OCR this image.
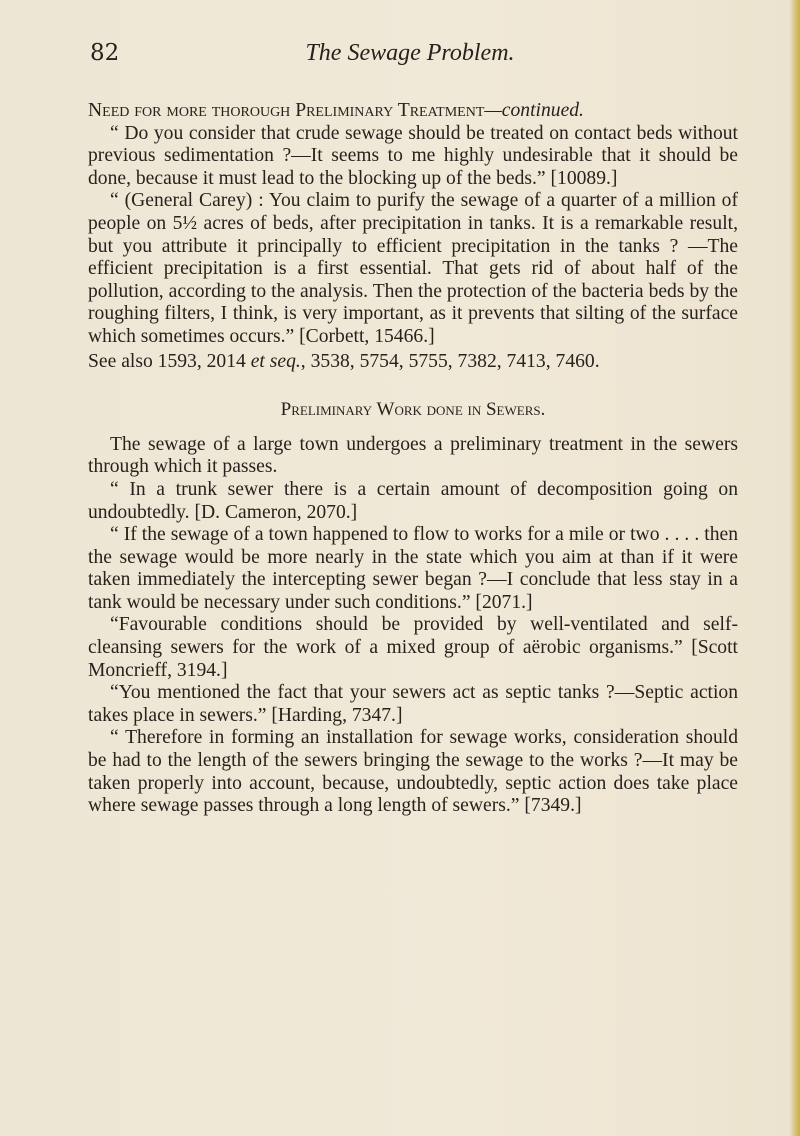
82	The Sewage Problem.

Need for more thorough Preliminary Treatment—continued.

“ Do you consider that crude sewage should be treated on contact beds without previous sedimentation ?—It seems to me highly undesirable that it should be done, because it must lead to the blocking up of the beds.” [10089.]

“ (General Carey) : You claim to purify the sewage of a quarter of a million of people on 5½ acres of beds, after precipitation in tanks. It is a remarkable result, but you attribute it principally to efficient precipitation in the tanks ? —The efficient precipitation is a first essential. That gets rid of about half of the pollution, according to the analysis. Then the protection of the bacteria beds by the roughing filters, I think, is very important, as it prevents that silting of the surface which sometimes occurs.” [Corbett, 15466.]

See also 1593, 2014 et seq., 3538, 5754, 5755, 7382, 7413, 7460.

Preliminary Work done in Sewers.

The sewage of a large town undergoes a preliminary treatment in the sewers through which it passes.

“ In a trunk sewer there is a certain amount of decomposition going on undoubtedly. [D. Cameron, 2070.]

“ If the sewage of a town happened to flow to works for a mile or two . . . . then the sewage would be more nearly in the state which you aim at than if it were taken immediately the intercepting sewer began ?—I conclude that less stay in a tank would be necessary under such conditions.” [2071.]

“Favourable conditions should be provided by well-ventilated and self-cleansing sewers for the work of a mixed group of aërobic organisms.” [Scott Moncrieff, 3194.]

“You mentioned the fact that your sewers act as septic tanks ?—Septic action takes place in sewers.” [Harding, 7347.]

“ Therefore in forming an installation for sewage works, consideration should be had to the length of the sewers bringing the sewage to the works ?—It may be taken properly into account, because, undoubtedly, septic action does take place where sewage passes through a long length of sewers.” [7349.]
